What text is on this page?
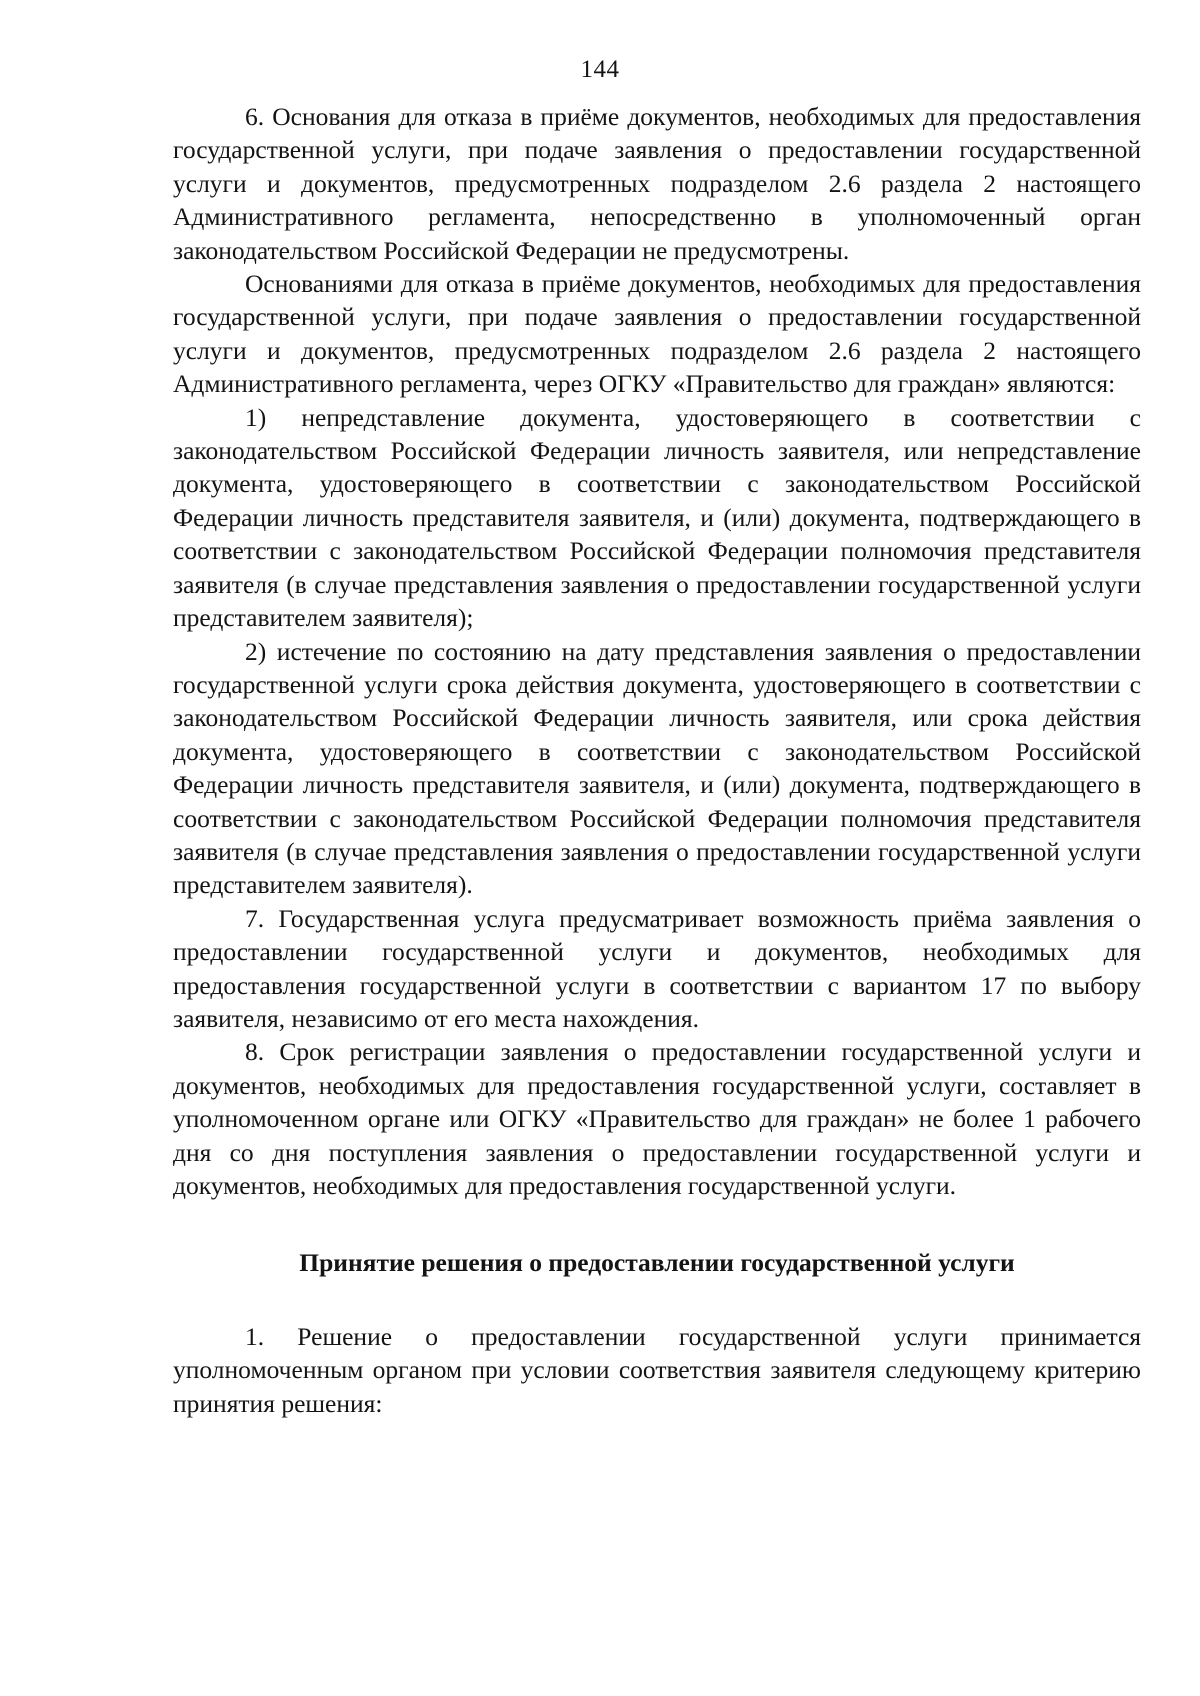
144

6. Основания для отказа в приёме документов, необходимых для предоставления государственной услуги, при подаче заявления о предоставлении государственной услуги и документов, предусмотренных подразделом 2.6 раздела 2 настоящего Административного регламента, непосредственно в уполномоченный орган законодательством Российской Федерации не предусмотрены.

Основаниями для отказа в приёме документов, необходимых для предоставления государственной услуги, при подаче заявления о предоставлении государственной услуги и документов, предусмотренных подразделом 2.6 раздела 2 настоящего Административного регламента, через ОГКУ «Правительство для граждан» являются:

1) непредставление документа, удостоверяющего в соответствии с законодательством Российской Федерации личность заявителя, или непредставление документа, удостоверяющего в соответствии с законодательством Российской Федерации личность представителя заявителя, и (или) документа, подтверждающего в соответствии с законодательством Российской Федерации полномочия представителя заявителя (в случае представления заявления о предоставлении государственной услуги представителем заявителя);

2) истечение по состоянию на дату представления заявления о предоставлении государственной услуги срока действия документа, удостоверяющего в соответствии с законодательством Российской Федерации личность заявителя, или срока действия документа, удостоверяющего в соответствии с законодательством Российской Федерации личность представителя заявителя, и (или) документа, подтверждающего в соответствии с законодательством Российской Федерации полномочия представителя заявителя (в случае представления заявления о предоставлении государственной услуги представителем заявителя).

7. Государственная услуга предусматривает возможность приёма заявления о предоставлении государственной услуги и документов, необходимых для предоставления государственной услуги в соответствии с вариантом 17 по выбору заявителя, независимо от его места нахождения.

8. Срок регистрации заявления о предоставлении государственной услуги и документов, необходимых для предоставления государственной услуги, составляет в уполномоченном органе или ОГКУ «Правительство для граждан» не более 1 рабочего дня со дня поступления заявления о предоставлении государственной услуги и документов, необходимых для предоставления государственной услуги.

Принятие решения о предоставлении государственной услуги

1. Решение о предоставлении государственной услуги принимается уполномоченным органом при условии соответствия заявителя следующему критерию принятия решения:
